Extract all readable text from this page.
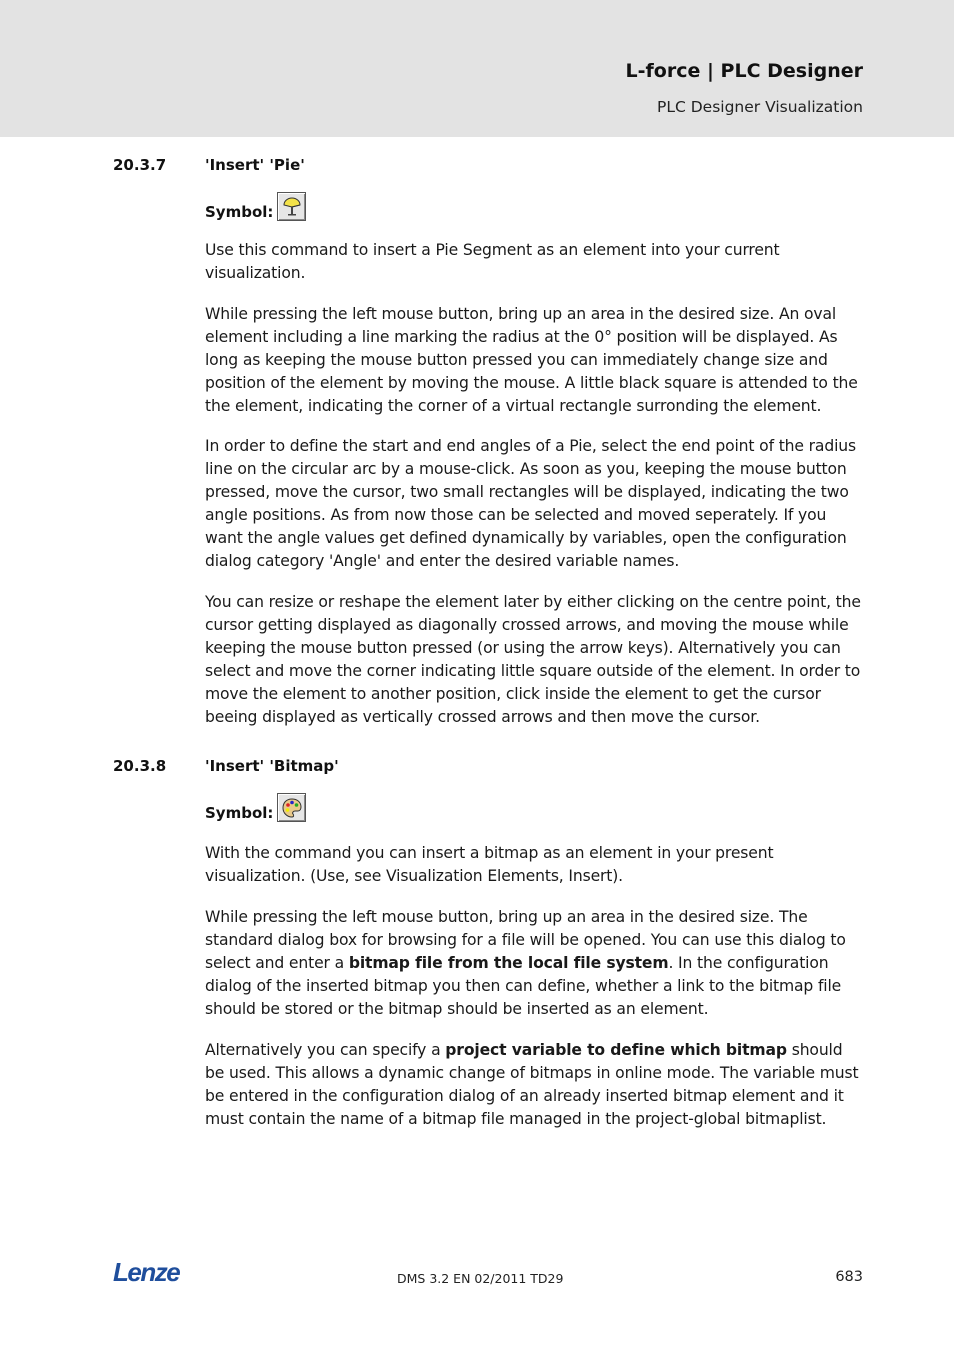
L-force | PLC Designer
PLC Designer Visualization
20.3.7	'Insert' 'Pie'
Symbol:

Use this command to insert a Pie Segment as an element into your current visualization.

While pressing the left mouse button, bring up an area in the desired size. An oval element including a line marking the radius at the 0° position will be displayed. As long as keeping the mouse button pressed you can immediately change size and position of the element by moving the mouse. A little black square is attended to the the element, indicating the corner of a virtual rectangle surronding the element.

In order to define the start and end angles of a Pie, select the end point of the radius line on the circular arc by a mouse-click. As soon as you, keeping the mouse button pressed, move the cursor, two small rectangles will be displayed, indicating the two angle positions. As from now those can be selected and moved seperately. If you want the angle values get defined dynamically by variables, open the configuration dialog category 'Angle' and enter the desired variable names.

You can resize or reshape the element later by either clicking on the centre point, the cursor getting displayed as diagonally crossed arrows, and moving the mouse while keeping the mouse button pressed (or using the arrow keys). Alternatively you can select and move the corner indicating little square outside of the element. In order to move the element to another position, click inside the element to get the cursor beeing displayed as vertically crossed arrows and then move the cursor.

20.3.8	'Insert' 'Bitmap'
Symbol:

With the command you can insert a bitmap as an element in your present visualization. (Use, see Visualization Elements, Insert).

While pressing the left mouse button, bring up an area in the desired size. The standard dialog box for browsing for a file will be opened. You can use this dialog to select and enter a bitmap file from the local file system. In the configuration dialog of the inserted bitmap you then can define, whether a link to the bitmap file should be stored or the bitmap should be inserted as an element.

Alternatively you can specify a project variable to define which bitmap should be used. This allows a dynamic change of bitmaps in online mode. The variable must be entered in the configuration dialog of an already inserted bitmap element and it must contain the name of a bitmap file managed in the project-global bitmaplist.

Lenze	DMS 3.2 EN 02/2011 TD29	683
